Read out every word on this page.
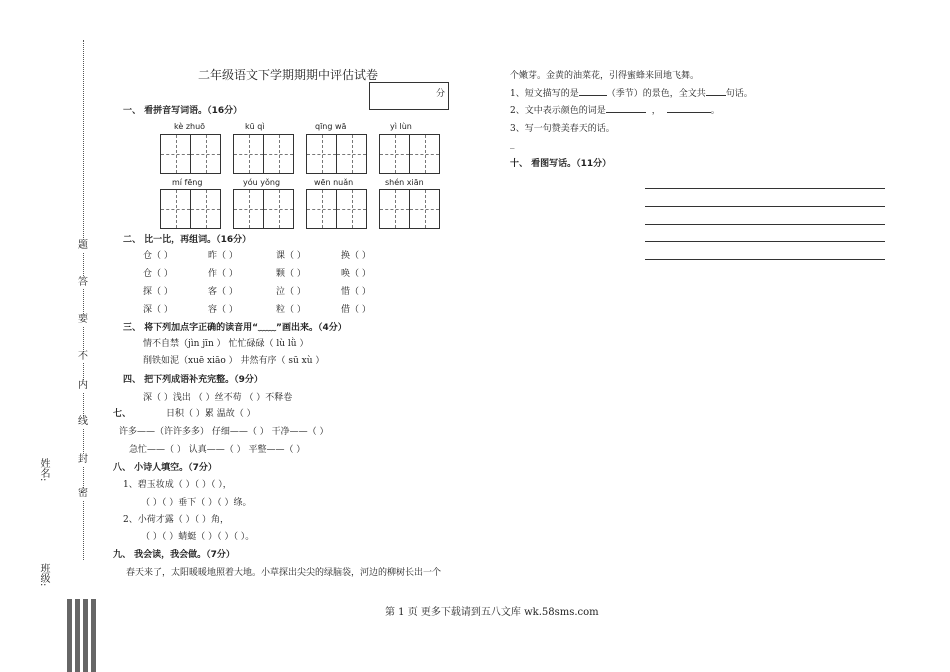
题
答
要
不
内
线
封
密
姓名:
班级:
二年级语文下学期期期中评估试卷
分
一、 看拼音写词语。（16分）
kè zhuō	kū qì	qīng wā	yì lùn
mí fēng	yóu yǒng	wēn nuǎn	shén xiān
二、 比一比，再组词。（16分）
仓（ ）	昨（ ）	课（ ）	换（ ）
仓（ ）	作（ ）	颗（ ）	唤（ ）
探（ ）	客（ ）	泣（ ）	惜（ ）
深（ ）	容（ ）	粒（ ）	借（ ）
三、 将下列加点字正确的读音用“﹏﹏”画出来。（4分）
情不自禁（jìn jīn ） 忙忙碌碌（ lù lǜ ）
削铁如泥（xuē xiāo ） 井然有序（ sū xù ）
四、 把下列成语补充完整。（9分）
深（ ）浅出 （ ）丝不苟 （ ）不释卷
七、	日积（ ）累 温故（ ）
许多——（许许多多） 仔细——（ ） 干净——（ ）
急忙——（ ） 认真——（ ） 平整——（ ）
八、 小诗人填空。（7分）
1、碧玉妆成（ ）（ ）（ ），
（ ）（ ）垂下（ ）（ ）绦。
2、小荷才露（ ）（ ）角，
（ ）（ ）蜻蜓（ ）（ ）（ ）。
九、 我会读，我会做。（7分）
春天来了，太阳暖暖地照着大地。小草探出尖尖的绿脑袋，河边的柳树长出一个
个嫩芽。金黄的油菜花，引得蜜蜂来回地飞舞。
1、短文描写的是	（季节）的景色，全文共 句话。
2、文中表示颜色的词是	，	。
3、写一句赞美春天的话。
_
十、 看图写话。（11分）
第 1 页 更多下载请到五八文库 wk.58sms.com
